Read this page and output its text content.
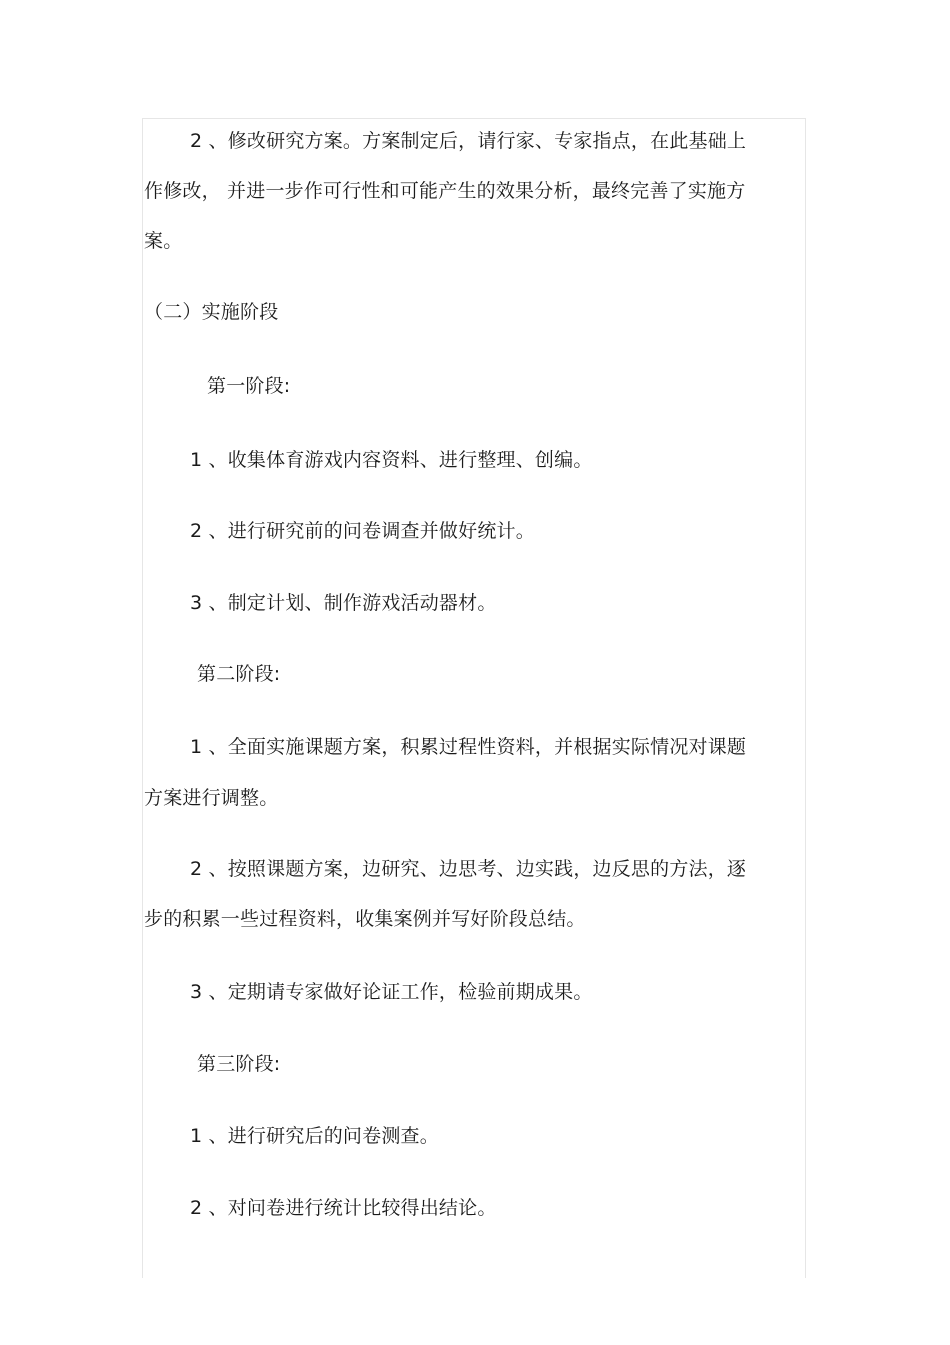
2 、修改研究方案。方案制定后，请行家、专家指点，在此基础上
作修改， 并进一步作可行性和可能产生的效果分析，最终完善了实施方
案。
（二）实施阶段
第一阶段:
1 、收集体育游戏内容资料、进行整理、创编。
2 、进行研究前的问卷调查并做好统计。
3 、制定计划、制作游戏活动器材。
第二阶段:
1 、全面实施课题方案，积累过程性资料，并根据实际情况对课题
方案进行调整。
2 、按照课题方案，边研究、边思考、边实践，边反思的方法，逐
步的积累一些过程资料，收集案例并写好阶段总结。
3 、定期请专家做好论证工作，检验前期成果。
第三阶段:
1 、进行研究后的问卷测查。
2 、对问卷进行统计比较得出结论。
